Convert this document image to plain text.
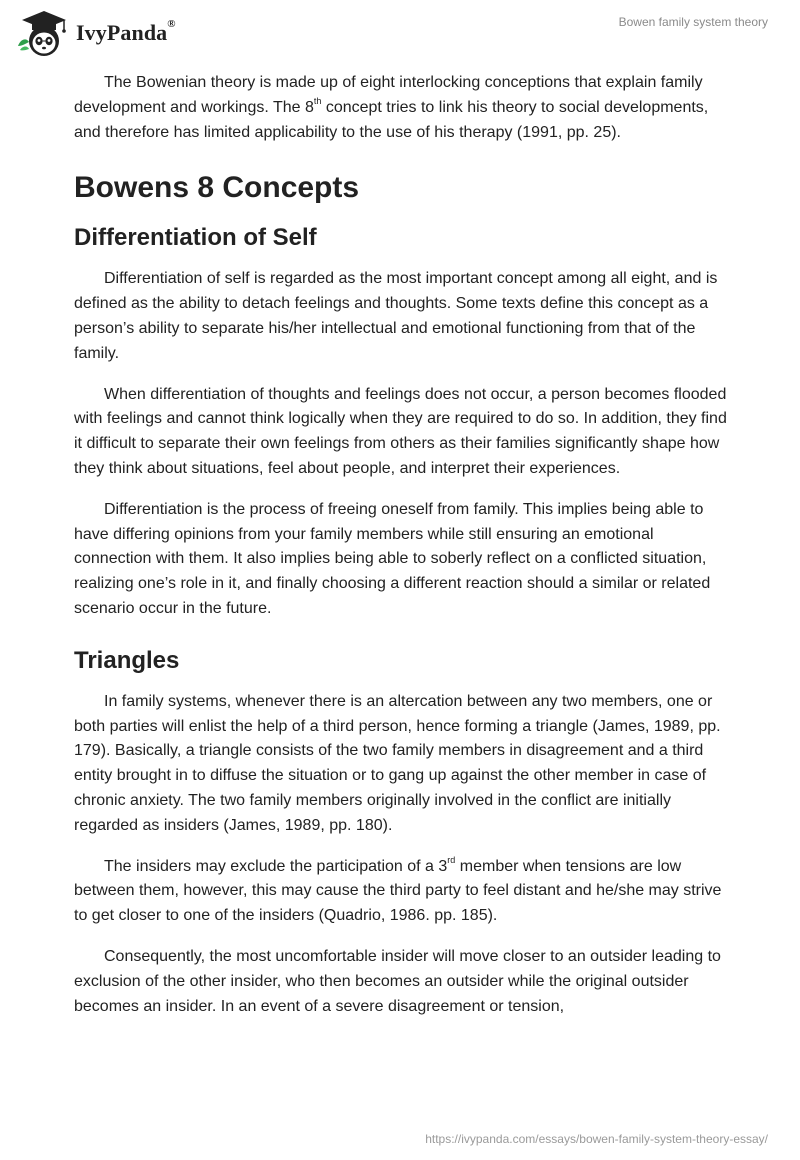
IvyPanda®	Bowen family system theory

The Bowenian theory is made up of eight interlocking conceptions that explain family development and workings. The 8th concept tries to link his theory to social developments, and therefore has limited applicability to the use of his therapy (1991, pp. 25).

Bowens 8 Concepts
Differentiation of Self

Differentiation of self is regarded as the most important concept among all eight, and is defined as the ability to detach feelings and thoughts. Some texts define this concept as a person’s ability to separate his/her intellectual and emotional functioning from that of the family.

When differentiation of thoughts and feelings does not occur, a person becomes flooded with feelings and cannot think logically when they are required to do so. In addition, they find it difficult to separate their own feelings from others as their families significantly shape how they think about situations, feel about people, and interpret their experiences.

Differentiation is the process of freeing oneself from family. This implies being able to have differing opinions from your family members while still ensuring an emotional connection with them. It also implies being able to soberly reflect on a conflicted situation, realizing one’s role in it, and finally choosing a different reaction should a similar or related scenario occur in the future.

Triangles

In family systems, whenever there is an altercation between any two members, one or both parties will enlist the help of a third person, hence forming a triangle (James, 1989, pp. 179). Basically, a triangle consists of the two family members in disagreement and a third entity brought in to diffuse the situation or to gang up against the other member in case of chronic anxiety. The two family members originally involved in the conflict are initially regarded as insiders (James, 1989, pp. 180).

The insiders may exclude the participation of a 3rd member when tensions are low between them, however, this may cause the third party to feel distant and he/she may strive to get closer to one of the insiders (Quadrio, 1986. pp. 185).

Consequently, the most uncomfortable insider will move closer to an outsider leading to exclusion of the other insider, who then becomes an outsider while the original outsider becomes an insider. In an event of a severe disagreement or tension,

https://ivypanda.com/essays/bowen-family-system-theory-essay/
